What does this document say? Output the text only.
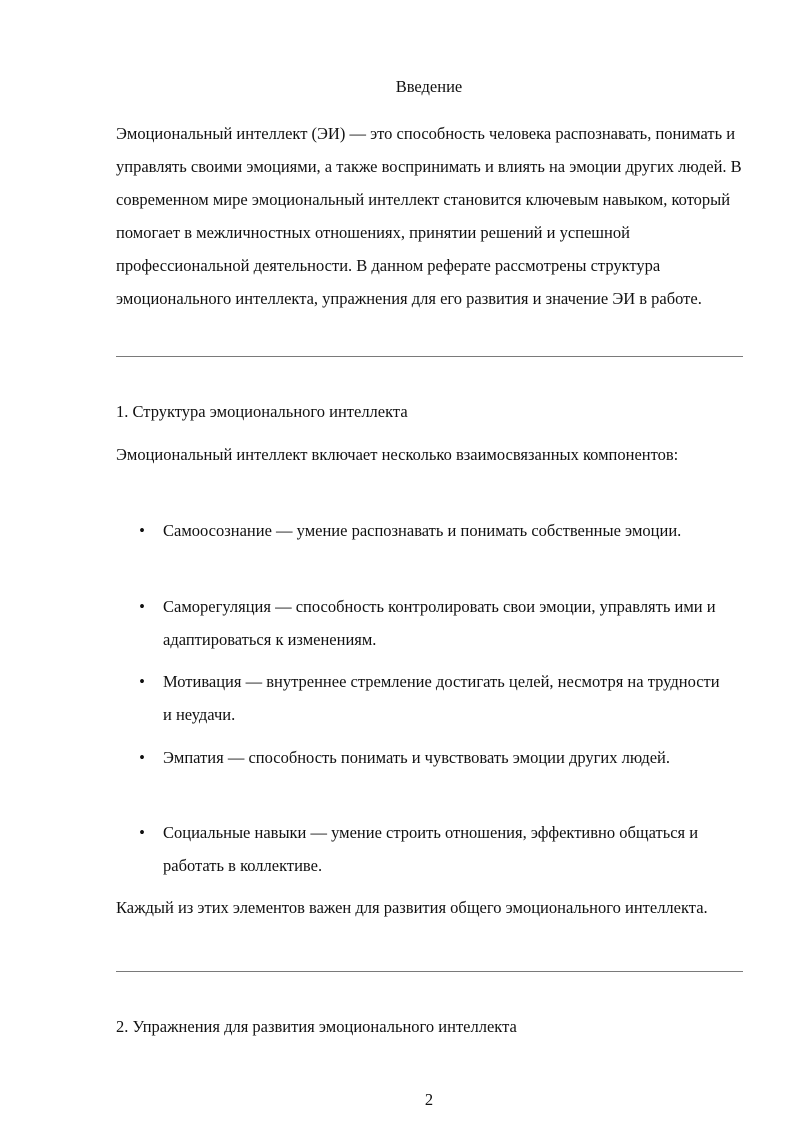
Введение

Эмоциональный интеллект (ЭИ) — это способность человека распознавать, понимать и управлять своими эмоциями, а также воспринимать и влиять на эмоции других людей. В современном мире эмоциональный интеллект становится ключевым навыком, который помогает в межличностных отношениях, принятии решений и успешной профессиональной деятельности. В данном реферате рассмотрены структура эмоционального интеллекта, упражнения для его развития и значение ЭИ в работе.

1. Структура эмоционального интеллекта

Эмоциональный интеллект включает несколько взаимосвязанных компонентов:

• Самоосознание — умение распознавать и понимать собственные эмоции.
• Саморегуляция — способность контролировать свои эмоции, управлять ими и адаптироваться к изменениям.
• Мотивация — внутреннее стремление достигать целей, несмотря на трудности и неудачи.
• Эмпатия — способность понимать и чувствовать эмоции других людей.
• Социальные навыки — умение строить отношения, эффективно общаться и работать в коллективе.

Каждый из этих элементов важен для развития общего эмоционального интеллекта.

2. Упражнения для развития эмоционального интеллекта
2
